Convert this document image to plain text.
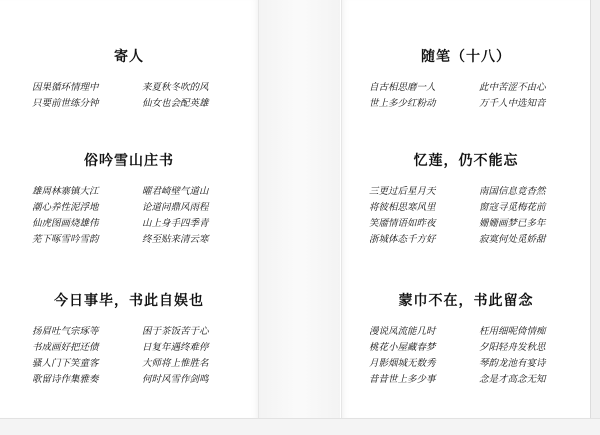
寄人
因果循环情理中	来夏秋冬吹的风
只要前世练分钟	仙女也会配英雄
俗吟雪山庄书
雄周林寨镇大江	曜君崎壁气道山
潮心养性泥浮地	论道问鼎风雨程
仙虎图画烧雄伟	山上身手四季青
芜下啄雪吟雪韵	终至贴来清云寒
今日事毕，书此自娱也
扬眉吐气宗琢等	困于茶饭苦于心
书成画好把还债	日复年遇终难停
骚人门下笑童客	大师将上惟胜名
歌留诗作集雅奏	何时风雪作剑鸣
随笔（十八）
自古相思磨一人	此中苦涩不由心
世上多少红粉动	万千人中选知音
忆莲，仍不能忘
三更过后星月天	南国信息竟杳然
将彼相思寒风里	窗寇寻觅梅花前
笑靥情语如昨夜	姗姗画梦已多年
浙城体态千方好	寂寞何处觅娇甜
蒙巾不在，书此留念
漫说凤流能几时	枉用细呢倚情痴
桃花小屋藏春梦	夕阳轻舟发秋思
月影烟城无数秀	琴韵龙池有宴诗
昔昔世上多少事	念是才高念无知
